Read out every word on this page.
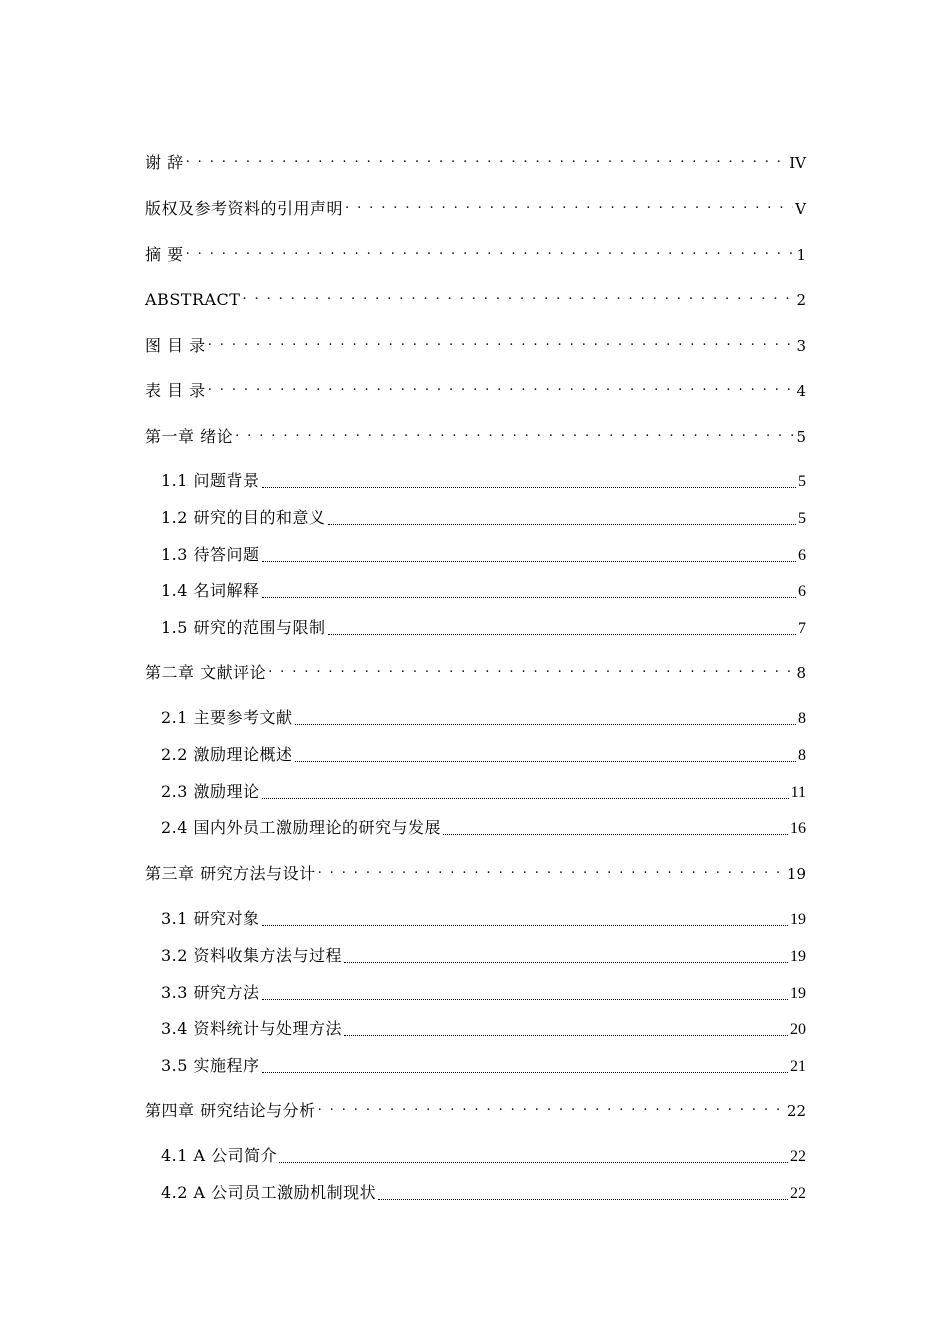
谢 辞 . . .	IV
版权及参考资料的引用声明 . . .	V
摘 要 . . .	1
ABSTRACT . . .	2
图 目 录 . . .	3
表 目 录 . . .	4
第一章 绪论 . . .	5
1.1 问题背景	5
1.2 研究的目的和意义	5
1.3 待答问题	6
1.4 名词解释	6
1.5 研究的范围与限制	7
第二章 文献评论 . . .	8
2.1 主要参考文献	8
2.2 激励理论概述	8
2.3 激励理论	11
2.4 国内外员工激励理论的研究与发展	16
第三章 研究方法与设计 . . .	19
3.1 研究对象	19
3.2 资料收集方法与过程	19
3.3 研究方法	19
3.4 资料统计与处理方法	20
3.5 实施程序	21
第四章 研究结论与分析 . . .	22
4.1 A 公司简介	22
4.2 A 公司员工激励机制现状	22
